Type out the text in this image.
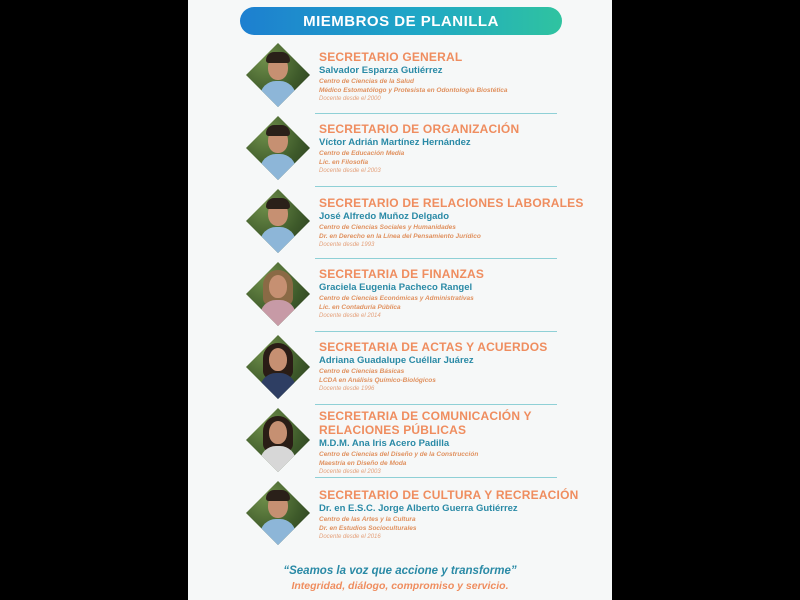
MIEMBROS DE PLANILLA
SECRETARIO GENERAL
Salvador Esparza Gutiérrez
Centro de Ciencias de la Salud
Médico Estomatólogo y Protesista en Odontología Biostética
Docente desde el 2000
SECRETARIO DE ORGANIZACIÓN
Víctor Adrián Martínez Hernández
Centro de Educación Media
Lic. en Filosofía
Docente desde el 2003
SECRETARIO DE RELACIONES LABORALES
José Alfredo Muñoz Delgado
Centro de Ciencias Sociales y Humanidades
Dr. en Derecho en la Línea del Pensamiento Jurídico
Docente desde 1993
SECRETARIA DE FINANZAS
Graciela Eugenia Pacheco Rangel
Centro de Ciencias Económicas y Administrativas
Lic. en Contaduría Pública
Docente desde el 2014
SECRETARIA DE ACTAS Y ACUERDOS
Adriana Guadalupe Cuéllar Juárez
Centro de Ciencias Básicas
LCDA en Análisis Químico-Biológicos
Docente desde 1996
SECRETARIA DE COMUNICACIÓN Y
RELACIONES PÚBLICAS
M.D.M. Ana Iris Acero Padilla
Centro de Ciencias del Diseño y de la Construcción
Maestría en Diseño de Moda
Docente desde el 2003
SECRETARIO DE CULTURA Y RECREACIÓN
Dr. en E.S.C. Jorge Alberto Guerra Gutiérrez
Centro de las Artes y la Cultura
Dr. en Estudios Socioculturales
Docente desde el 2016
“Seamos la voz que accione y transforme”
Integridad, diálogo, compromiso y servicio.
